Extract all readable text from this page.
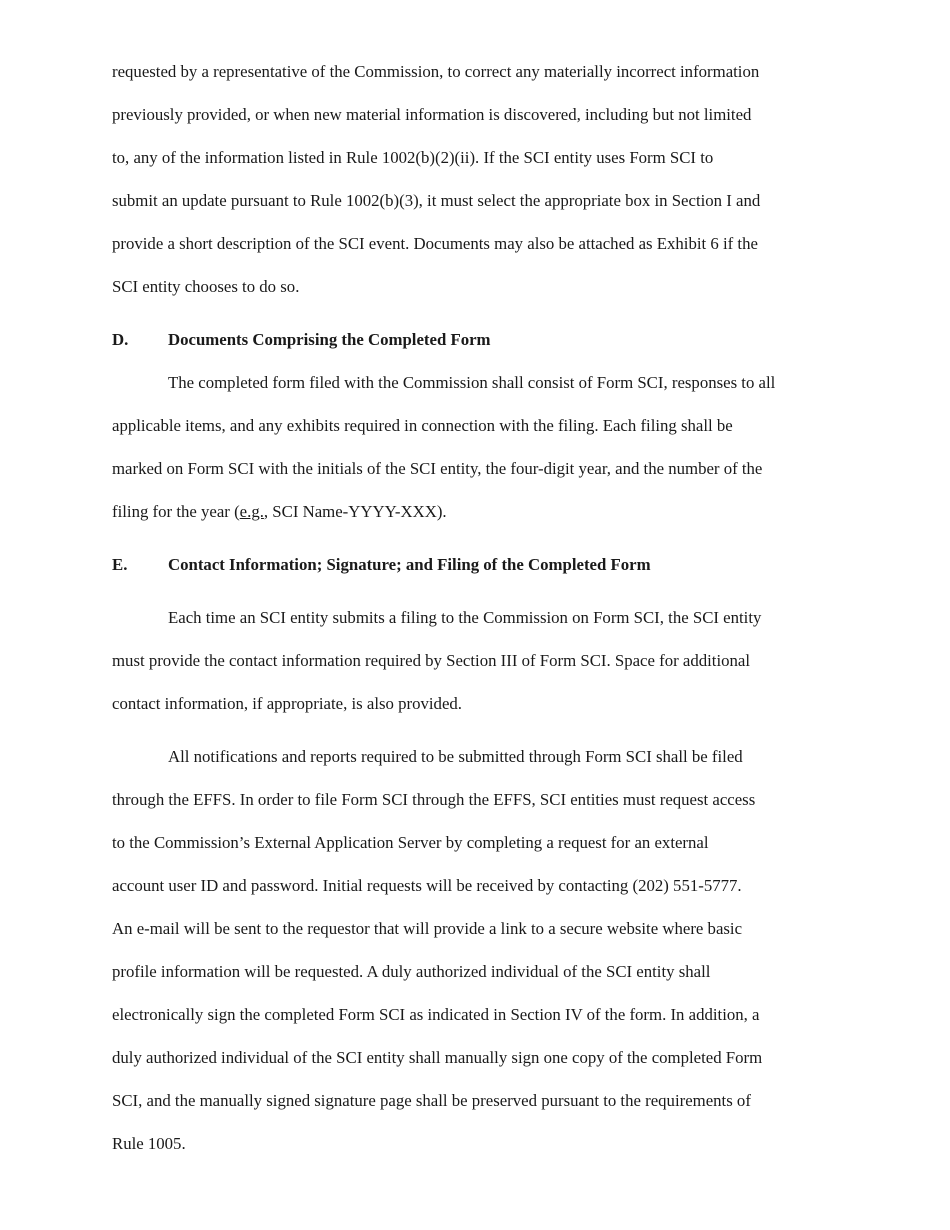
requested by a representative of the Commission, to correct any materially incorrect information

previously provided, or when new material information is discovered, including but not limited

to, any of the information listed in Rule 1002(b)(2)(ii). If the SCI entity uses Form SCI to

submit an update pursuant to Rule 1002(b)(3), it must select the appropriate box in Section I and

provide a short description of the SCI event. Documents may also be attached as Exhibit 6 if the

SCI entity chooses to do so.

D.	Documents Comprising the Completed Form

The completed form filed with the Commission shall consist of Form SCI, responses to all

applicable items, and any exhibits required in connection with the filing. Each filing shall be

marked on Form SCI with the initials of the SCI entity, the four-digit year, and the number of the

filing for the year (e.g., SCI Name-YYYY-XXX).

E.	Contact Information; Signature; and Filing of the Completed Form

Each time an SCI entity submits a filing to the Commission on Form SCI, the SCI entity

must provide the contact information required by Section III of Form SCI. Space for additional

contact information, if appropriate, is also provided.

All notifications and reports required to be submitted through Form SCI shall be filed

through the EFFS. In order to file Form SCI through the EFFS, SCI entities must request access

to the Commission’s External Application Server by completing a request for an external

account user ID and password. Initial requests will be received by contacting (202) 551-5777.

An e-mail will be sent to the requestor that will provide a link to a secure website where basic

profile information will be requested. A duly authorized individual of the SCI entity shall

electronically sign the completed Form SCI as indicated in Section IV of the form. In addition, a

duly authorized individual of the SCI entity shall manually sign one copy of the completed Form

SCI, and the manually signed signature page shall be preserved pursuant to the requirements of

Rule 1005.
